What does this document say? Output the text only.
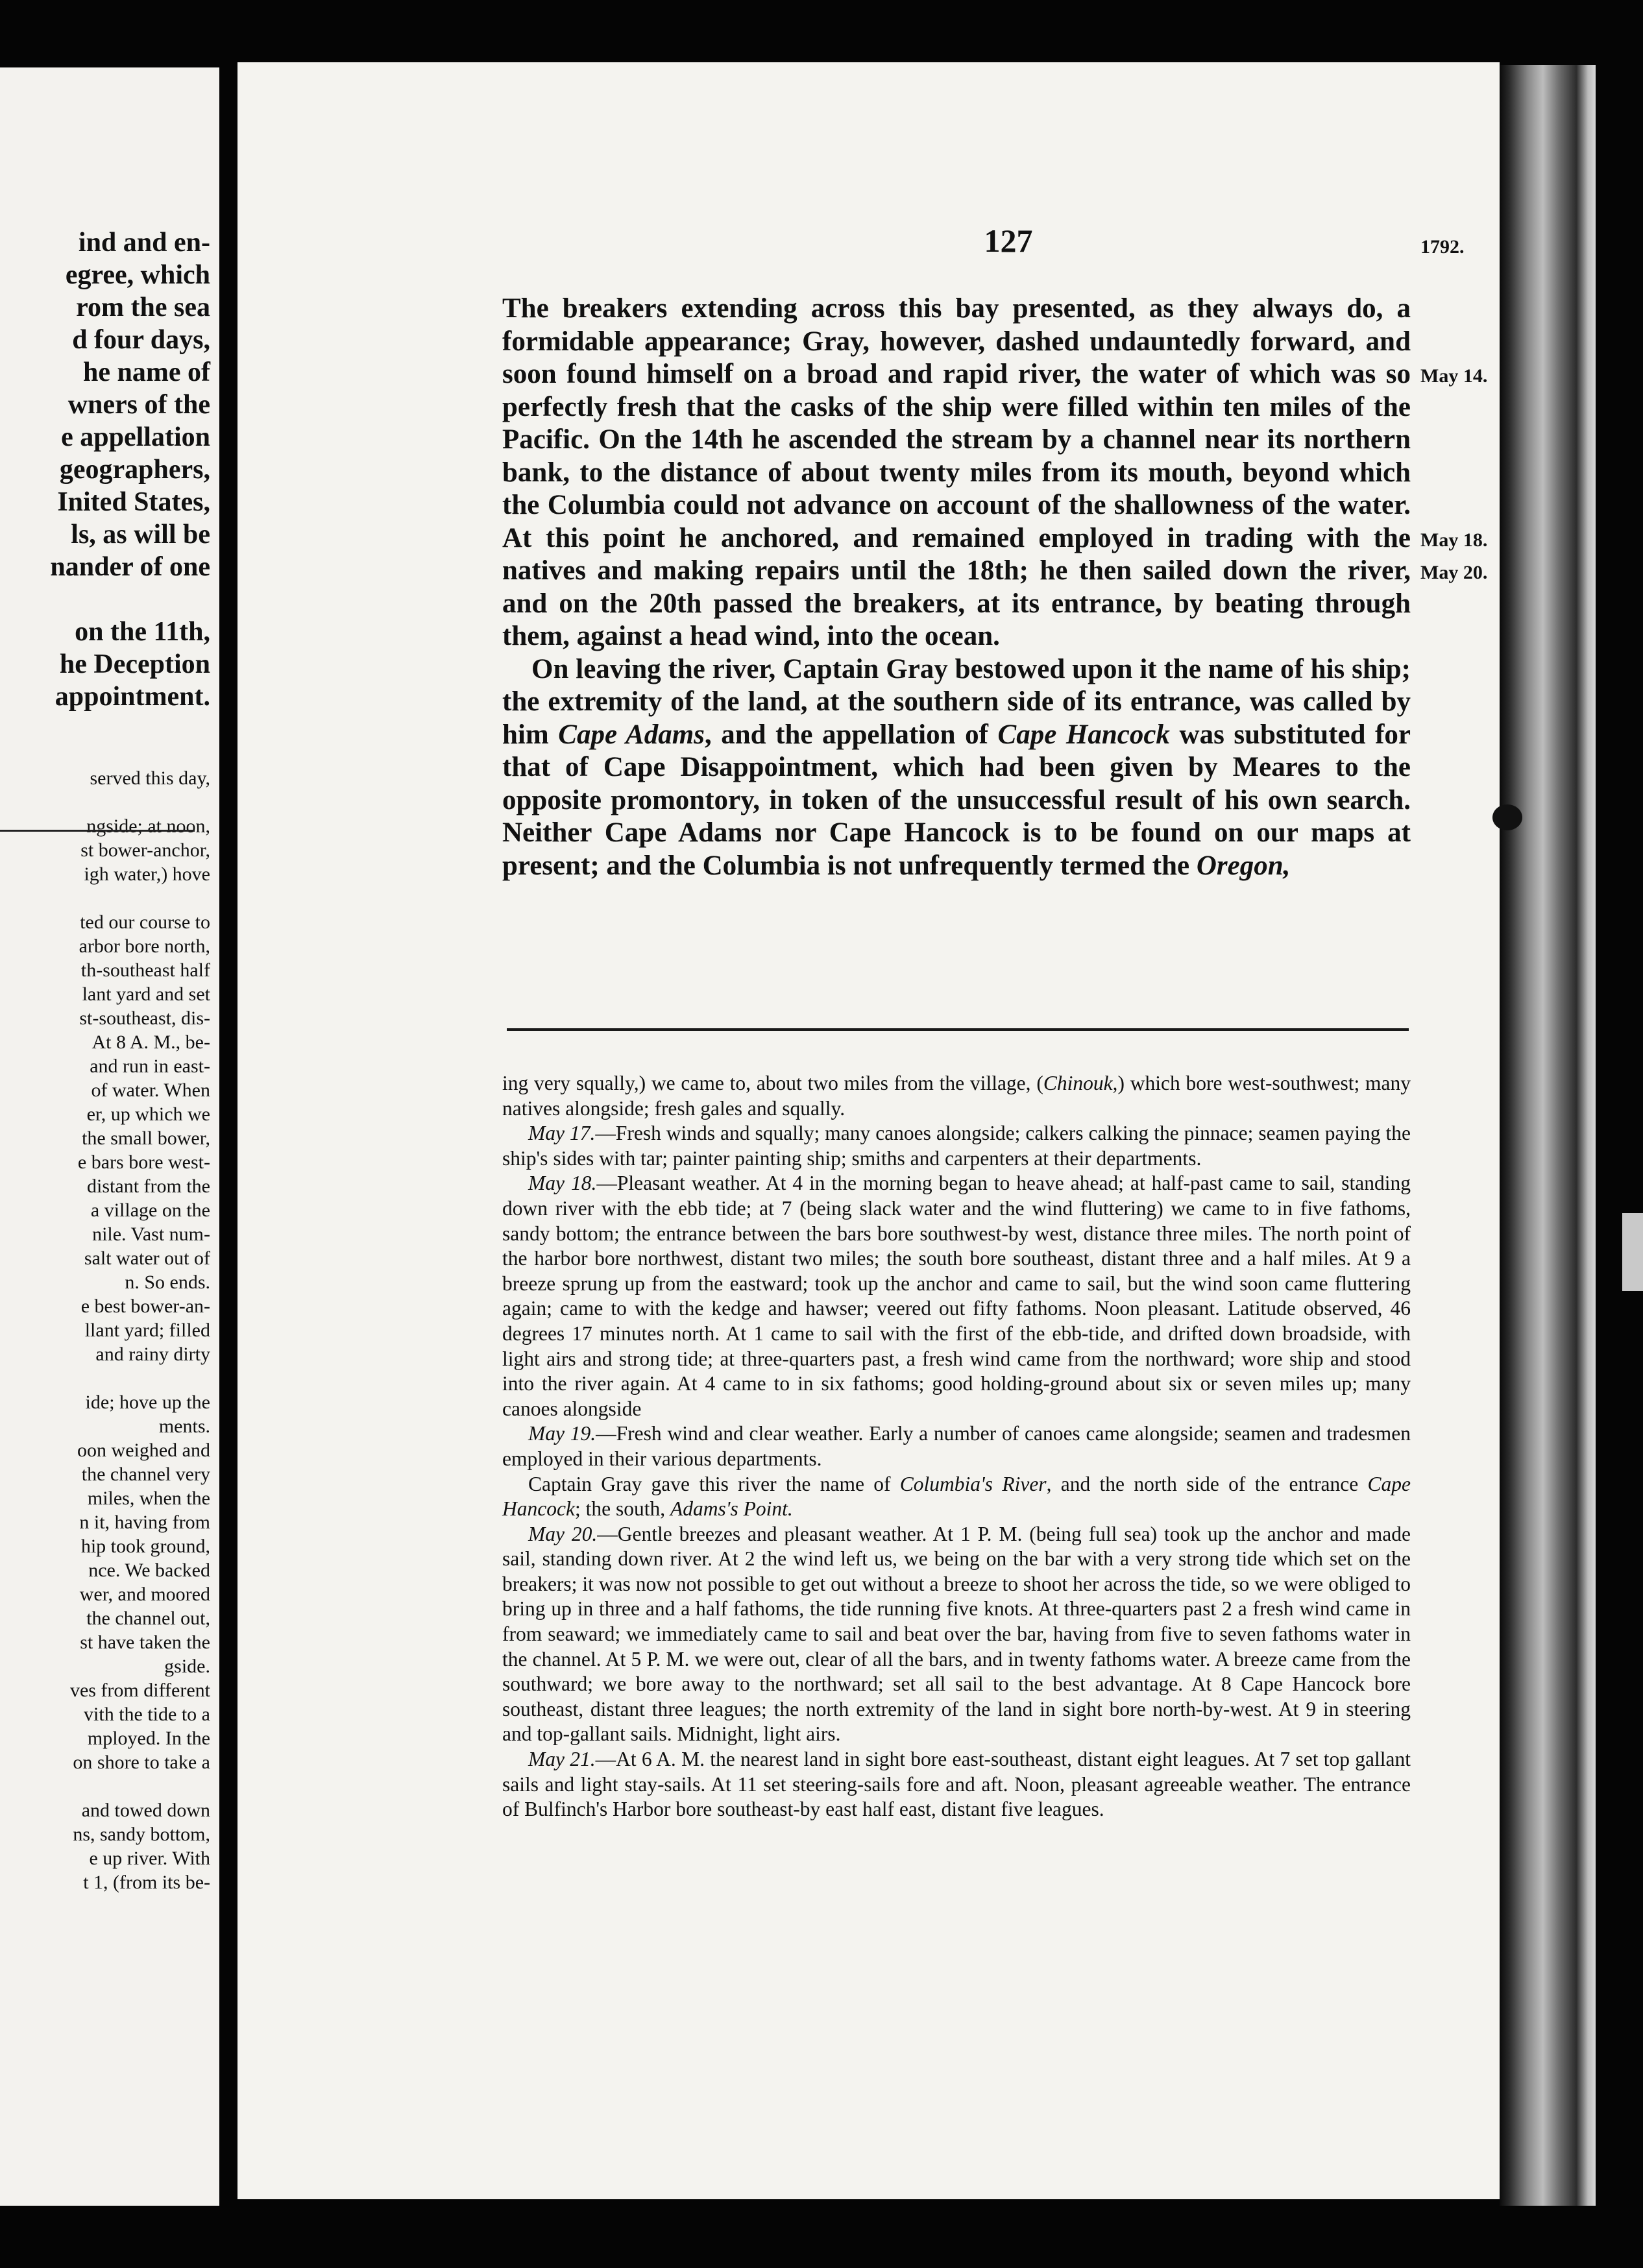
ind and en-
egree, which
rom the sea
d four days,
he name of
wners of the
e appellation
geographers,
Inited States,
ls, as will be
nander of one

on the 11th,
he Deception
appointment.
served this day,

ngside; at noon,
st bower-anchor,
igh water,) hove

ted our course to
arbor bore north,
th-southeast half
lant yard and set
st-southeast, dis-
At 8 A. M., be-
and run in east-
of water. When
er, up which we
the small bower,
e bars bore west-
distant from the
a village on the
nile. Vast num-
salt water out of
n. So ends.
e best bower-an-
llant yard; filled
and rainy dirty

ide; hove up the
ments.
oon weighed and
the channel very
miles, when the
n it, having from
hip took ground,
nce. We backed
wer, and moored
the channel out,
st have taken the
gside.
ves from different
vith the tide to a
mployed. In the
on shore to take a

and towed down
ns, sandy bottom,
e up river. With
t 1, (from its be-
127

The breakers extending across this bay presented, as they always do, a formidable appearance; Gray, however, dashed undauntedly forward, and soon found himself on a broad and rapid river, the water of which was so perfectly fresh that the casks of the ship were filled within ten miles of the Pacific. On the 14th he ascended the stream by a channel near its northern bank, to the distance of about twenty miles from its mouth, beyond which the Columbia could not advance on account of the shallowness of the water. At this point he anchored, and remained employed in trading with the natives and making repairs until the 18th; he then sailed down the river, and on the 20th passed the breakers, at its entrance, by beating through them, against a head wind, into the ocean.

On leaving the river, Captain Gray bestowed upon it the name of his ship; the extremity of the land, at the southern side of its entrance, was called by him Cape Adams, and the appellation of Cape Hancock was substituted for that of Cape Disappointment, which had been given by Meares to the opposite promontory, in token of the unsuccessful result of his own search. Neither Cape Adams nor Cape Hancock is to be found on our maps at present; and the Columbia is not unfrequently termed the Oregon,

1792.
May 14.
May 18.
May 20.

ing very squally,) we came to, about two miles from the village, (Chinouk,) which bore west-southwest; many natives alongside; fresh gales and squally.

May 17.—Fresh winds and squally; many canoes alongside; calkers calking the pinnace; seamen paying the ship's sides with tar; painter painting ship; smiths and carpenters at their departments.

May 18.—Pleasant weather. At 4 in the morning began to heave ahead; at half-past came to sail, standing down river with the ebb tide; at 7 (being slack water and the wind fluttering) we came to in five fathoms, sandy bottom; the entrance between the bars bore southwest-by west, distance three miles. The north point of the harbor bore northwest, distant two miles; the south bore southeast, distant three and a half miles. At 9 a breeze sprung up from the eastward; took up the anchor and came to sail, but the wind soon came fluttering again; came to with the kedge and hawser; veered out fifty fathoms. Noon pleasant. Latitude observed, 46 degrees 17 minutes north. At 1 came to sail with the first of the ebb-tide, and drifted down broadside, with light airs and strong tide; at three-quarters past, a fresh wind came from the northward; wore ship and stood into the river again. At 4 came to in six fathoms; good holding-ground about six or seven miles up; many canoes alongside

May 19.—Fresh wind and clear weather. Early a number of canoes came alongside; seamen and tradesmen employed in their various departments.

Captain Gray gave this river the name of Columbia's River, and the north side of the entrance Cape Hancock; the south, Adams's Point.

May 20.—Gentle breezes and pleasant weather. At 1 P. M. (being full sea) took up the anchor and made sail, standing down river. At 2 the wind left us, we being on the bar with a very strong tide which set on the breakers; it was now not possible to get out without a breeze to shoot her across the tide, so we were obliged to bring up in three and a half fathoms, the tide running five knots. At three-quarters past 2 a fresh wind came in from seaward; we immediately came to sail and beat over the bar, having from five to seven fathoms water in the channel. At 5 P. M. we were out, clear of all the bars, and in twenty fathoms water. A breeze came from the southward; we bore away to the northward; set all sail to the best advantage. At 8 Cape Hancock bore southeast, distant three leagues; the north extremity of the land in sight bore north-by-west. At 9 in steering and top-gallant sails. Midnight, light airs.

May 21.—At 6 A. M. the nearest land in sight bore east-southeast, distant eight leagues. At 7 set top gallant sails and light stay-sails. At 11 set steering-sails fore and aft. Noon, pleasant agreeable weather. The entrance of Bulfinch's Harbor bore southeast-by east half east, distant five leagues.
